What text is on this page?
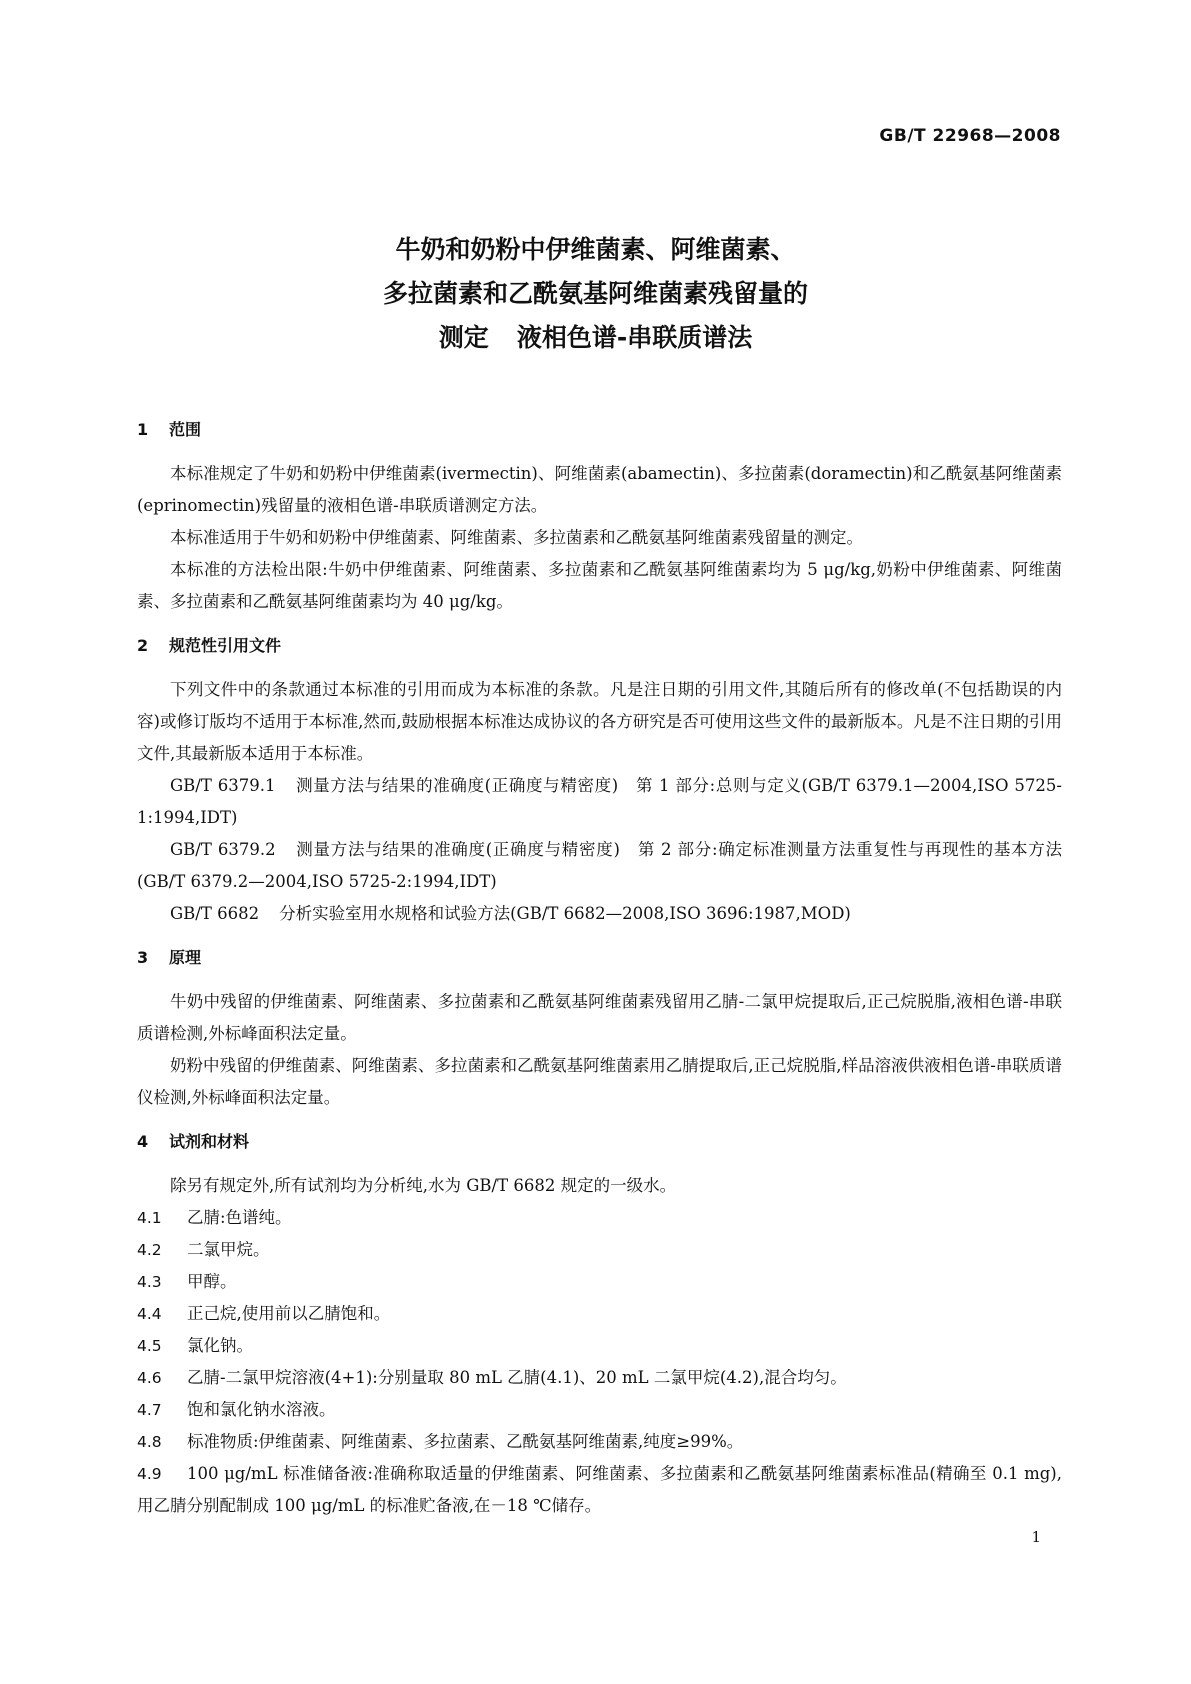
GB/T 22968—2008
牛奶和奶粉中伊维菌素、阿维菌素、
多拉菌素和乙酰氨基阿维菌素残留量的
测定 液相色谱-串联质谱法
1 范围

本标准规定了牛奶和奶粉中伊维菌素(ivermectin)、阿维菌素(abamectin)、多拉菌素(doramectin)和乙酰氨基阿维菌素(eprinomectin)残留量的液相色谱-串联质谱测定方法。

本标准适用于牛奶和奶粉中伊维菌素、阿维菌素、多拉菌素和乙酰氨基阿维菌素残留量的测定。

本标准的方法检出限:牛奶中伊维菌素、阿维菌素、多拉菌素和乙酰氨基阿维菌素均为 5 μg/kg,奶粉中伊维菌素、阿维菌素、多拉菌素和乙酰氨基阿维菌素均为 40 μg/kg。

2 规范性引用文件

下列文件中的条款通过本标准的引用而成为本标准的条款。凡是注日期的引用文件,其随后所有的修改单(不包括勘误的内容)或修订版均不适用于本标准,然而,鼓励根据本标准达成协议的各方研究是否可使用这些文件的最新版本。凡是不注日期的引用文件,其最新版本适用于本标准。

GB/T 6379.1 测量方法与结果的准确度(正确度与精密度)　第 1 部分:总则与定义(GB/T 6379.1—2004,ISO 5725-1:1994,IDT)

GB/T 6379.2 测量方法与结果的准确度(正确度与精密度)　第 2 部分:确定标准测量方法重复性与再现性的基本方法(GB/T 6379.2—2004,ISO 5725-2:1994,IDT)

GB/T 6682 分析实验室用水规格和试验方法(GB/T 6682—2008,ISO 3696:1987,MOD)

3 原理

牛奶中残留的伊维菌素、阿维菌素、多拉菌素和乙酰氨基阿维菌素残留用乙腈-二氯甲烷提取后,正己烷脱脂,液相色谱-串联质谱检测,外标峰面积法定量。

奶粉中残留的伊维菌素、阿维菌素、多拉菌素和乙酰氨基阿维菌素用乙腈提取后,正己烷脱脂,样品溶液供液相色谱-串联质谱仪检测,外标峰面积法定量。

4 试剂和材料

除另有规定外,所有试剂均为分析纯,水为 GB/T 6682 规定的一级水。

4.1 乙腈:色谱纯。

4.2 二氯甲烷。

4.3 甲醇。

4.4 正己烷,使用前以乙腈饱和。

4.5 氯化钠。

4.6 乙腈-二氯甲烷溶液(4+1):分别量取 80 mL 乙腈(4.1)、20 mL 二氯甲烷(4.2),混合均匀。

4.7 饱和氯化钠水溶液。

4.8 标准物质:伊维菌素、阿维菌素、多拉菌素、乙酰氨基阿维菌素,纯度≥99%。

4.9 100 μg/mL 标准储备液:准确称取适量的伊维菌素、阿维菌素、多拉菌素和乙酰氨基阿维菌素标准品(精确至 0.1 mg),用乙腈分别配制成 100 μg/mL 的标准贮备液,在－18 ℃储存。

1
